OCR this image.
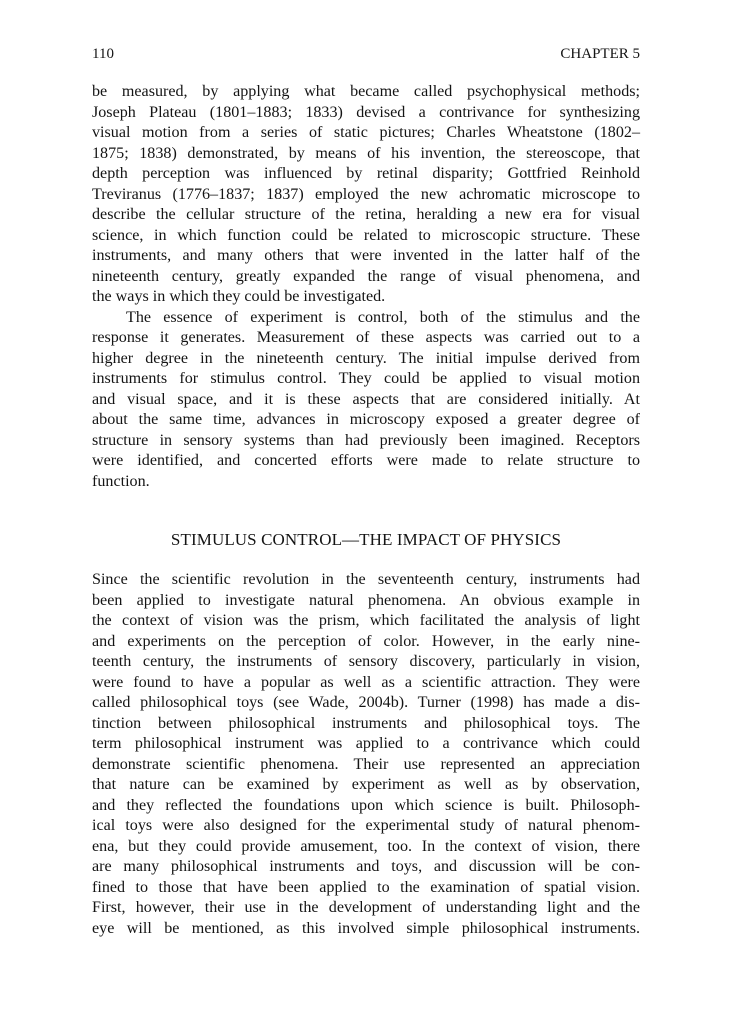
110	CHAPTER 5
be measured, by applying what became called psychophysical methods;
Joseph Plateau (1801–1883; 1833) devised a contrivance for synthesizing
visual motion from a series of static pictures; Charles Wheatstone (1802–
1875; 1838) demonstrated, by means of his invention, the stereoscope, that
depth perception was influenced by retinal disparity; Gottfried Reinhold
Treviranus (1776–1837; 1837) employed the new achromatic microscope to
describe the cellular structure of the retina, heralding a new era for visual
science, in which function could be related to microscopic structure. These
instruments, and many others that were invented in the latter half of the
nineteenth century, greatly expanded the range of visual phenomena, and
the ways in which they could be investigated.
The essence of experiment is control, both of the stimulus and the
response it generates. Measurement of these aspects was carried out to a
higher degree in the nineteenth century. The initial impulse derived from
instruments for stimulus control. They could be applied to visual motion
and visual space, and it is these aspects that are considered initially. At
about the same time, advances in microscopy exposed a greater degree of
structure in sensory systems than had previously been imagined. Receptors
were identified, and concerted efforts were made to relate structure to
function.
STIMULUS CONTROL—THE IMPACT OF PHYSICS
Since the scientific revolution in the seventeenth century, instruments had
been applied to investigate natural phenomena. An obvious example in
the context of vision was the prism, which facilitated the analysis of light
and experiments on the perception of color. However, in the early nine-
teenth century, the instruments of sensory discovery, particularly in vision,
were found to have a popular as well as a scientific attraction. They were
called philosophical toys (see Wade, 2004b). Turner (1998) has made a dis-
tinction between philosophical instruments and philosophical toys. The
term philosophical instrument was applied to a contrivance which could
demonstrate scientific phenomena. Their use represented an appreciation
that nature can be examined by experiment as well as by observation,
and they reflected the foundations upon which science is built. Philosoph-
ical toys were also designed for the experimental study of natural phenom-
ena, but they could provide amusement, too. In the context of vision, there
are many philosophical instruments and toys, and discussion will be con-
fined to those that have been applied to the examination of spatial vision.
First, however, their use in the development of understanding light and the
eye will be mentioned, as this involved simple philosophical instruments.
